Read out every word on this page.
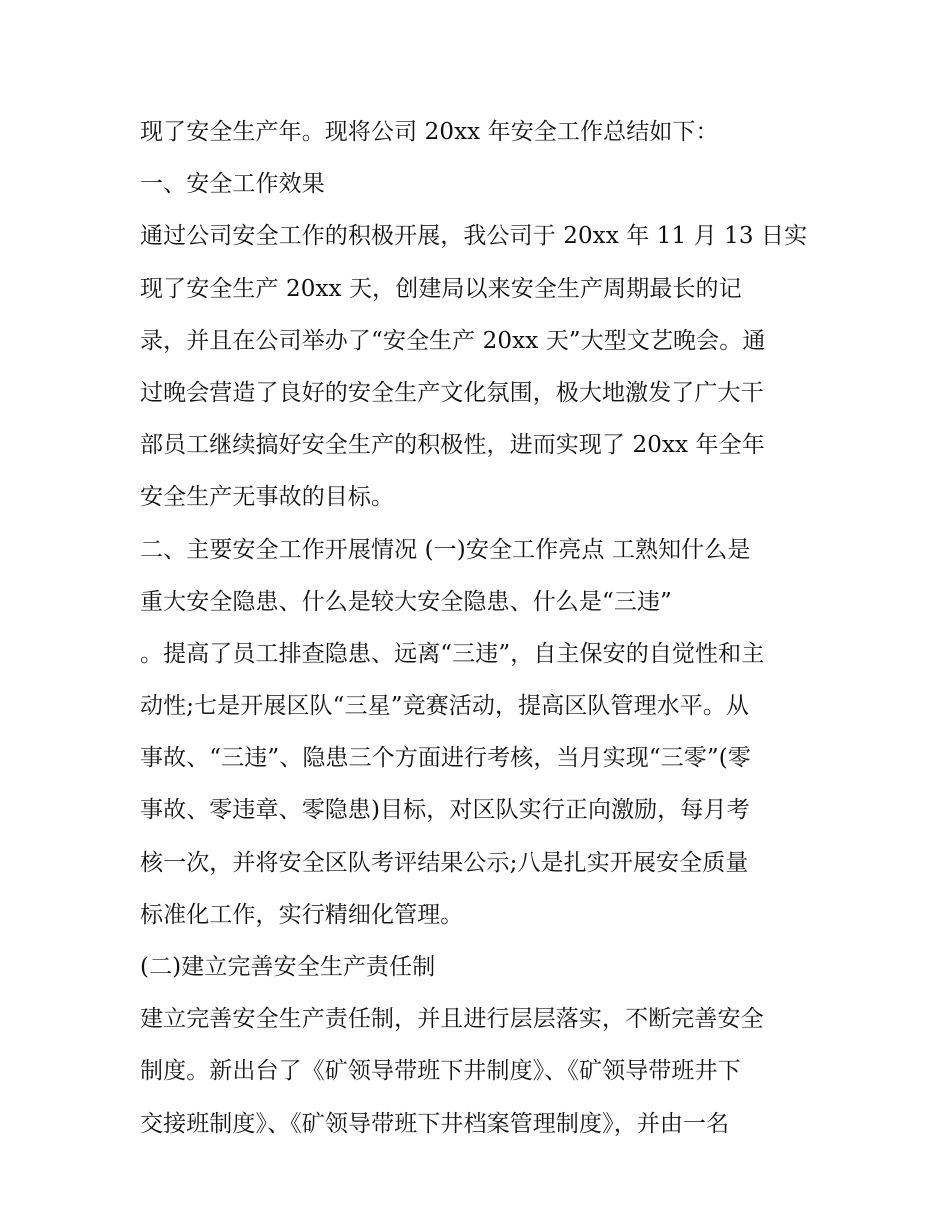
现了安全生产年。现将公司 20xx 年安全工作总结如下：
一、安全工作效果
通过公司安全工作的积极开展，我公司于 20xx 年 11 月 13 日实
现了安全生产 20xx 天，创建局以来安全生产周期最长的记
录，并且在公司举办了“安全生产 20xx 天”大型文艺晚会。通
过晚会营造了良好的安全生产文化氛围，极大地激发了广大干
部员工继续搞好安全生产的积极性，进而实现了 20xx 年全年
安全生产无事故的目标。
二、主要安全工作开展情况 (一)安全工作亮点 工熟知什么是
重大安全隐患、什么是较大安全隐患、什么是“三违”
。提高了员工排查隐患、远离“三违”，自主保安的自觉性和主
动性;七是开展区队“三星”竞赛活动，提高区队管理水平。从
事故、“三违”、隐患三个方面进行考核，当月实现“三零”(零
事故、零违章、零隐患)目标，对区队实行正向激励，每月考
核一次，并将安全区队考评结果公示;八是扎实开展安全质量
标准化工作，实行精细化管理。
(二)建立完善安全生产责任制
建立完善安全生产责任制，并且进行层层落实，不断完善安全
制度。新出台了《矿领导带班下井制度》、《矿领导带班井下
交接班制度》、《矿领导带班下井档案管理制度》，并由一名
